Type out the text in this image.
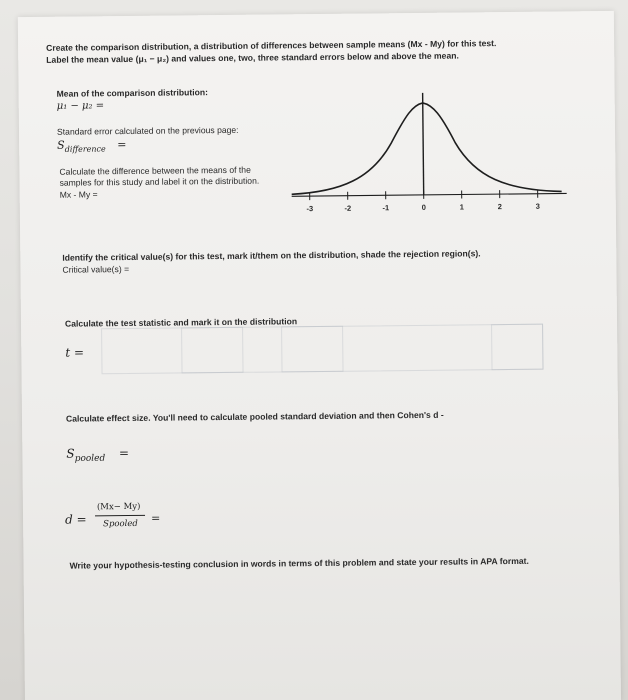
Create the comparison distribution, a distribution of differences between sample means (Mx - My) for this test.
Label the mean value (μ₁ − μ₂) and values one, two, three standard errors below and above the mean.
Mean of the comparison distribution:
μ₁ − μ₂ =
Standard error calculated on the previous page:
$S_{difference}$ =
Calculate the difference between the means of the
samples for this study and label it on the distribution.
Mx - My =
-3	-2	-1	0	1	2	3
Identify the critical value(s) for this test, mark it/them on the distribution, shade the rejection region(s).
Critical value(s) =
Calculate the test statistic and mark it on the distribution
t =
Calculate effect size. You'll need to calculate pooled standard deviation and then Cohen's d -
$S_{pooled}$ =
d =
(Mx− My)
Spooled =
Write your hypothesis-testing conclusion in words in terms of this problem and state your results in APA format.
